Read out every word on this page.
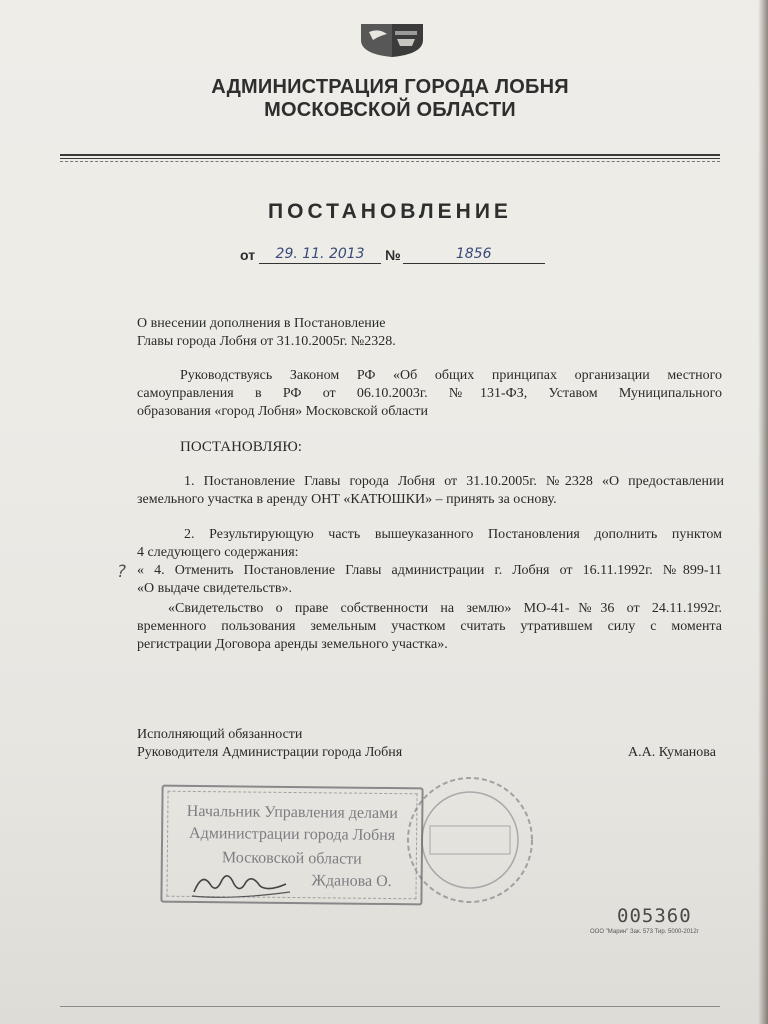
АДМИНИСТРАЦИЯ ГОРОДА ЛОБНЯ
МОСКОВСКОЙ ОБЛАСТИ
ПОСТАНОВЛЕНИЕ
от	29. 11. 2013	№	1856
О внесении дополнения в Постановление
Главы города Лобня от 31.10.2005г. №2328.
Руководствуясь Законом РФ «Об общих принципах организации местного
самоуправления в РФ от 06.10.2003г. №131-ФЗ, Уставом Муниципального
образования «город Лобня» Московской области
ПОСТАНОВЛЯЮ:
1. Постановление Главы города Лобня от 31.10.2005г. №2328 «О предоставлении
земельного участка в аренду ОНТ «КАТЮШКИ» – принять за основу.
2. Результирующую часть вышеуказанного Постановления дополнить пунктом
4 следующего содержания:
? « 4. Отменить Постановление Главы администрации г. Лобня от 16.11.1992г. №899-11
«О выдаче свидетельств».
«Свидетельство о праве собственности на землю» МО-41-№36 от 24.11.1992г.
временного пользования земельным участком считать утратившем силу с момента
регистрации Договора аренды земельного участка».
Исполняющий обязанности
Руководителя Администрации города Лобня	А.А. Куманова
Начальник Управления делами
Администрации города Лобня
Московской области
Жданова О.
005360
ООО "Марин" Зак. 573 Тир. 5000-2012г
